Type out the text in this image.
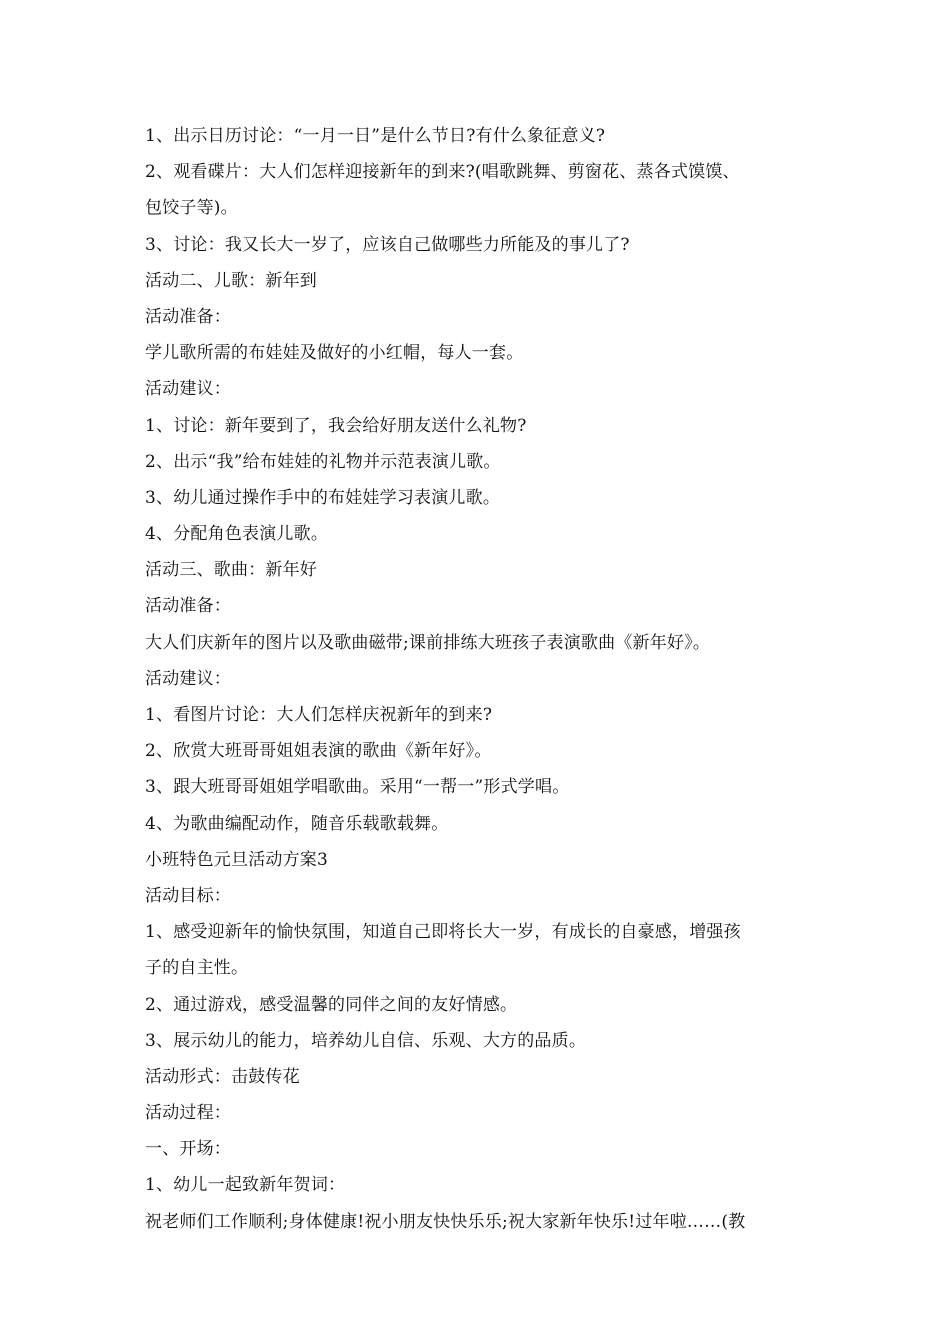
1、出示日历讨论：“一月一日”是什么节日?有什么象征意义?
2、观看碟片：大人们怎样迎接新年的到来?(唱歌跳舞、剪窗花、蒸各式馍馍、
包饺子等)。
3、讨论：我又长大一岁了，应该自己做哪些力所能及的事儿了?
活动二、儿歌：新年到
活动准备：
学儿歌所需的布娃娃及做好的小红帽，每人一套。
活动建议：
1、讨论：新年要到了，我会给好朋友送什么礼物?
2、出示“我”给布娃娃的礼物并示范表演儿歌。
3、幼儿通过操作手中的布娃娃学习表演儿歌。
4、分配角色表演儿歌。
活动三、歌曲：新年好
活动准备：
大人们庆新年的图片以及歌曲磁带;课前排练大班孩子表演歌曲《新年好》。
活动建议：
1、看图片讨论：大人们怎样庆祝新年的到来?
2、欣赏大班哥哥姐姐表演的歌曲《新年好》。
3、跟大班哥哥姐姐学唱歌曲。采用“一帮一”形式学唱。
4、为歌曲编配动作，随音乐载歌载舞。
小班特色元旦活动方案3
活动目标：
1、感受迎新年的愉快氛围，知道自己即将长大一岁，有成长的自豪感，增强孩
子的自主性。
2、通过游戏，感受温馨的同伴之间的友好情感。
3、展示幼儿的能力，培养幼儿自信、乐观、大方的品质。
活动形式：击鼓传花
活动过程：
一、开场：
1、幼儿一起致新年贺词：
祝老师们工作顺利;身体健康!祝小朋友快快乐乐;祝大家新年快乐!过年啦……(教
